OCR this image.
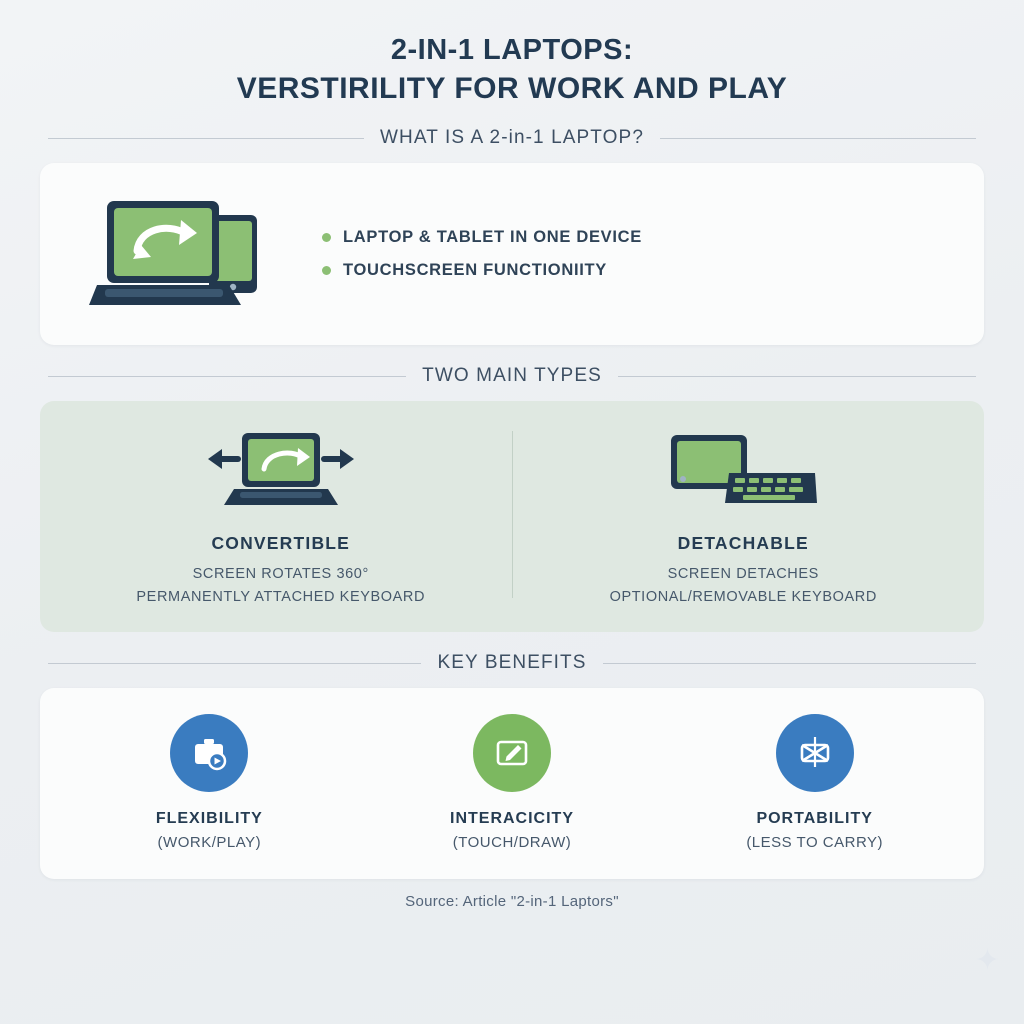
2-IN-1 LAPTOPS:
VERSTIRILITY FOR WORK AND PLAY
WHAT IS A 2-in-1 LAPTOP?
LAPTOP & TABLET IN ONE DEVICE
TOUCHSCREEN FUNCTIONIITY
TWO MAIN TYPES
CONVERTIBLE
SCREEN ROTATES 360°
PERMANENTLY ATTACHED KEYBOARD
DETACHABLE
SCREEN DETACHES
OPTIONAL/REMOVABLE KEYBOARD
KEY BENEFITS
FLEXIBILITY
(WORK/PLAY)
INTERACICITY
(TOUCH/DRAW)
PORTABILITY
(LESS TO CARRY)
Source: Article "2-in-1 Laptors"
✦
